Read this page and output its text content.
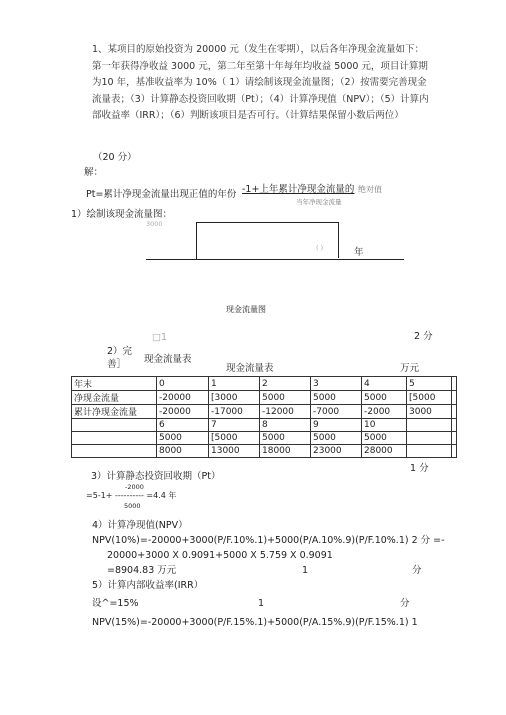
1、某项目的原始投资为 20000 元（发生在零期），以后各年净现金流量如下：第一年获得净收益 3000 元，第二年至第十年每年均收益 5000 元，项目计算期为10 年，基准收益率为 10%（ 1）请绘制该现金流量图；（2）按需要完善现金流量表；（3）计算静态投资回收期（Pt）；（4）计算净现值（NPV）；（5）计算内部收益率（IRR）；（6）判断该项目是否可行。（计算结果保留小数后两位）
（20 分）
解：
Pt=累计净现金流量出现正值的年份 -1+上年累计净现金流量的 绝对值
当年净现金流量
1）绘制该现金流量图：
3000
( )	年
现金流量图
□1	2 分
2）完
善］ 现金流量表
现金流量表	万元
年末	0	1	2	3	4	5	
净现金流量	-20000	[3000	5000	5000	5000	[5000	
累计净现金流量	-20000	-17000	-12000	-7000	-2000	3000	
	6	7	8	9	10		
	5000	[5000	5000	5000	5000		
	8000	13000	18000	23000	28000		
1 分
3）计算静态投资回收期（Pt）
-2000
=5-1+ ---------- =4.4 年
5000
4）计算净现值(NPV）
NPV(10%)=-20000+3000(P/F.10%.1)+5000(P/A.10%.9)(P/F.10%.1) 2 分 =-
20000+3000 X 0.9091+5000 X 5.759 X 0.9091
=8904.83 万元	1	分
5）计算内部收益率(IRR）
设^=15%	1	分
NPV(15%)=-20000+3000(P/F.15%.1)+5000(P/A.15%.9)(P/F.15%.1) 1
